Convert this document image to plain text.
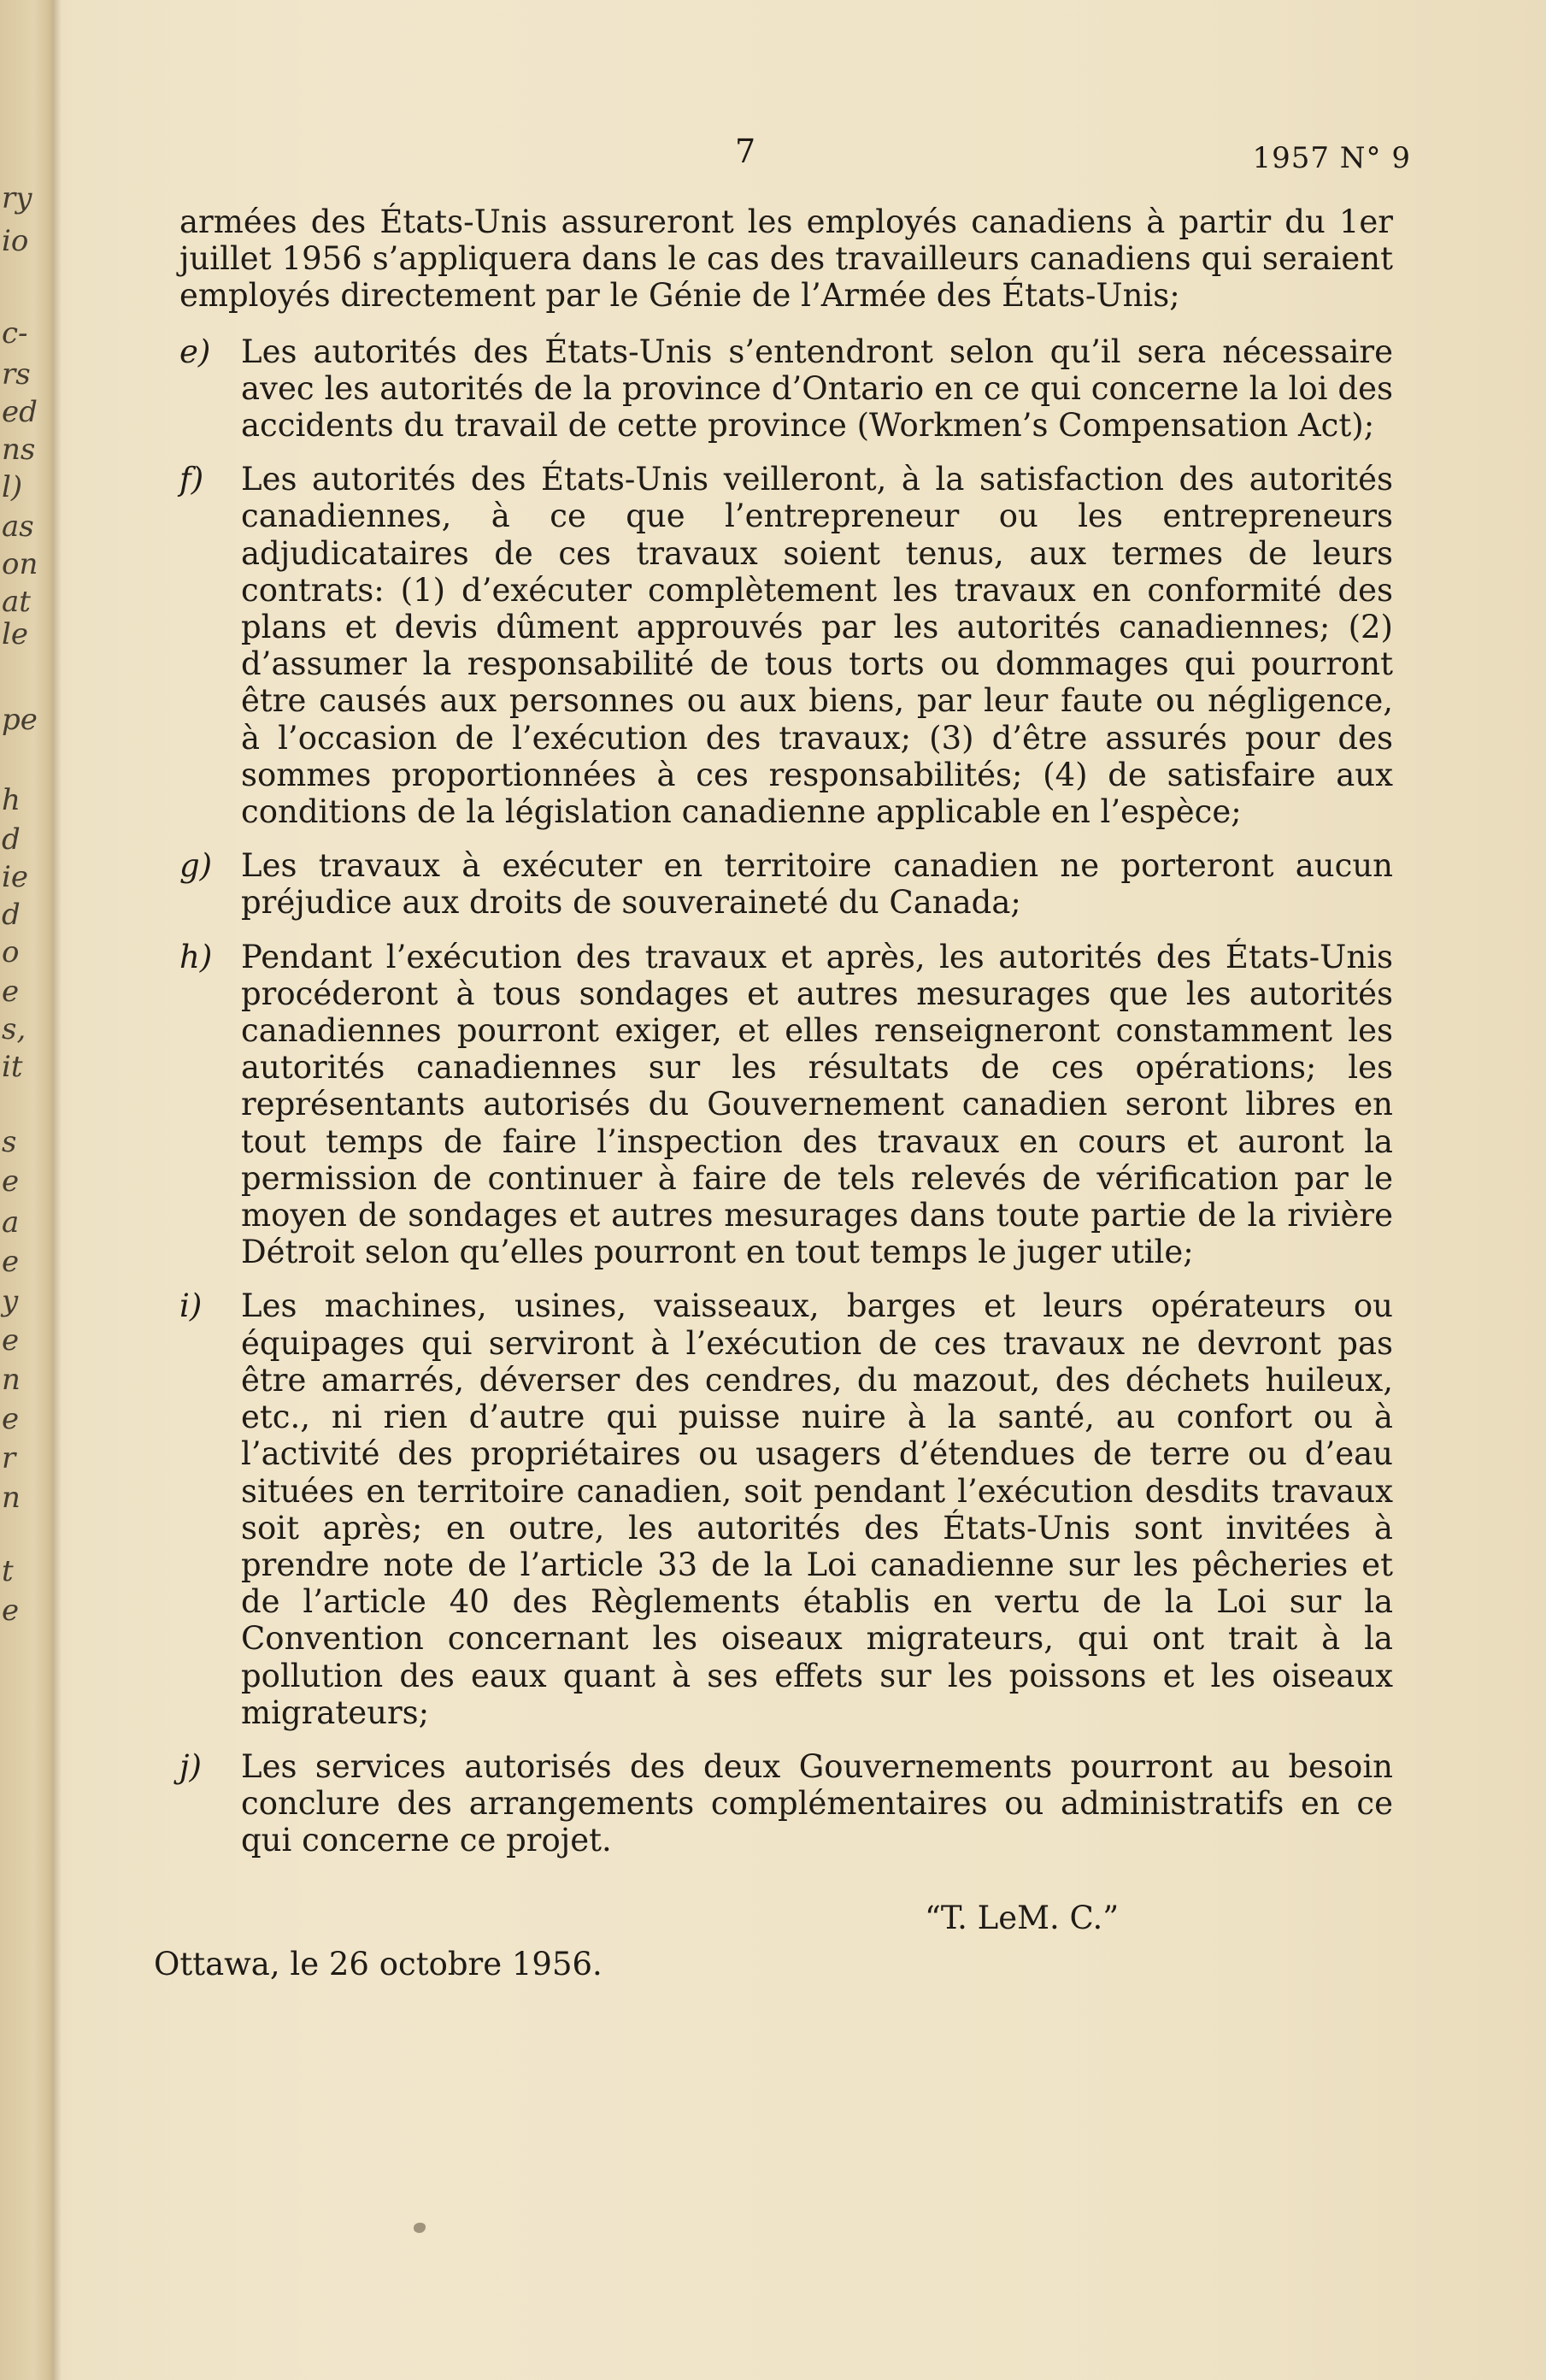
ry
io
c-
rs
ed
ns
l)
as
on
at
le
pe
h
d
ie
d
o
e
s,
it
s
e
a
e
y
e
n
e
r
n
t
e
7	1957 N° 9

armées des États-Unis assureront les employés canadiens à partir du 1er juillet 1956 s’appliquera dans le cas des travailleurs canadiens qui seraient employés directement par le Génie de l’Armée des États-Unis;

e) Les autorités des États-Unis s’entendront selon qu’il sera nécessaire avec les autorités de la province d’Ontario en ce qui concerne la loi des accidents du travail de cette province (Workmen’s Compensation Act);
f) Les autorités des États-Unis veilleront, à la satisfaction des autorités canadiennes, à ce que l’entrepreneur ou les entrepreneurs adjudicataires de ces travaux soient tenus, aux termes de leurs contrats: (1) d’exécuter complètement les travaux en conformité des plans et devis dûment approuvés par les autorités canadiennes; (2) d’assumer la responsabilité de tous torts ou dommages qui pourront être causés aux personnes ou aux biens, par leur faute ou négligence, à l’occasion de l’exécution des travaux; (3) d’être assurés pour des sommes proportionnées à ces responsabilités; (4) de satisfaire aux conditions de la législation canadienne applicable en l’espèce;
g) Les travaux à exécuter en territoire canadien ne porteront aucun préjudice aux droits de souveraineté du Canada;
h) Pendant l’exécution des travaux et après, les autorités des États-Unis procéderont à tous sondages et autres mesurages que les autorités canadiennes pourront exiger, et elles renseigneront constamment les autorités canadiennes sur les résultats de ces opérations; les représentants autorisés du Gouvernement canadien seront libres en tout temps de faire l’inspection des travaux en cours et auront la permission de continuer à faire de tels relevés de vérification par le moyen de sondages et autres mesurages dans toute partie de la rivière Détroit selon qu’elles pourront en tout temps le juger utile;
i) Les machines, usines, vaisseaux, barges et leurs opérateurs ou équipages qui serviront à l’exécution de ces travaux ne devront pas être amarrés, déverser des cendres, du mazout, des déchets huileux, etc., ni rien d’autre qui puisse nuire à la santé, au confort ou à l’activité des propriétaires ou usagers d’étendues de terre ou d’eau situées en territoire canadien, soit pendant l’exécution desdits travaux soit après; en outre, les autorités des États-Unis sont invitées à prendre note de l’article 33 de la Loi canadienne sur les pêcheries et de l’article 40 des Règlements établis en vertu de la Loi sur la Convention concernant les oiseaux migrateurs, qui ont trait à la pollution des eaux quant à ses effets sur les poissons et les oiseaux migrateurs;
j) Les services autorisés des deux Gouvernements pourront au besoin conclure des arrangements complémentaires ou administratifs en ce qui concerne ce projet.
“T. LeM. C.”
Ottawa, le 26 octobre 1956.
